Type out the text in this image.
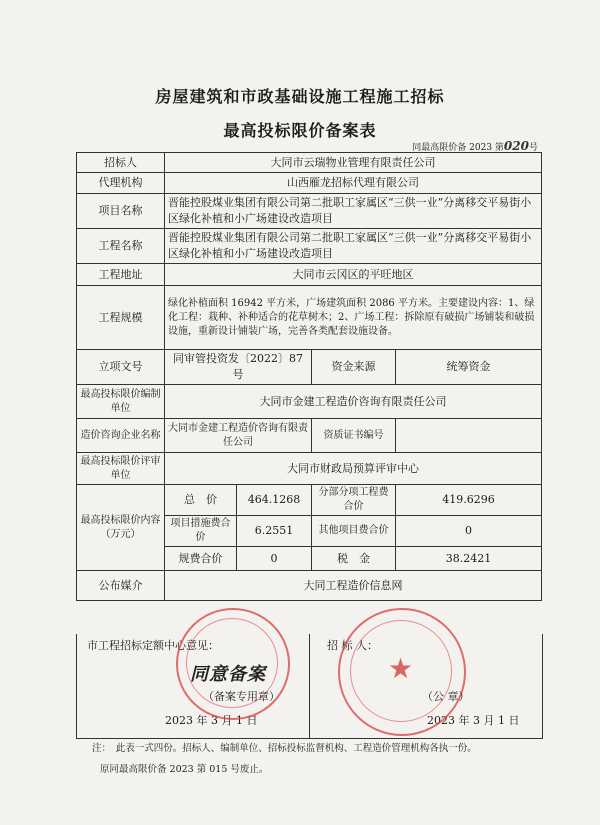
房屋建筑和市政基础设施工程施工招标
最高投标限价备案表
同最高限价备 2023 第020号
招标人	大同市云瑞物业管理有限责任公司			
代理机构	山西雁龙招标代理有限公司			
项目名称	晋能控股煤业集团有限公司第二批职工家属区“三供一业”分离移交平易街小区绿化补植和小广场建设改造项目			
工程名称	晋能控股煤业集团有限公司第二批职工家属区“三供一业”分离移交平易街小区绿化补植和小广场建设改造项目			
工程地址	大同市云冈区的平旺地区			
工程规模	绿化补植面积 16942 平方米，广场建筑面积 2086 平方米。主要建设内容：1、绿化工程：栽种、补种适合的花草树木；2、广场工程：拆除原有破损广场铺装和破损设施，重新设计铺装广场，完善各类配套设施设备。			
立项文号	同审管投资发〔2022〕87 号		资金来源	统筹资金
最高投标限价编制单位	大同市金建工程造价咨询有限责任公司			
造价咨询企业名称	大同市金建工程造价咨询有限责任公司		资质证书编号	
最高投标限价评审单位	大同市财政局预算评审中心			
最高投标限价内容（万元）	总　价	464.1268	分部分项工程费合价	419.6296
	项目措施费合价	6.2551	其他项目费合价	0
	规费合价	0	税　金	38.2421
公布媒介	大同工程造价信息网			
市工程招标定额中心意见：	招 标 人：
2023 年 3 月 1 日	2023 年 3 月 1 日
同意备案
（备案专用章）
★
（公 章）
注：　此表一式四份。招标人、编制单位、招标投标监督机构、工程造价管理机构各执一份。
原同最高限价备 2023 第 015 号废止。
